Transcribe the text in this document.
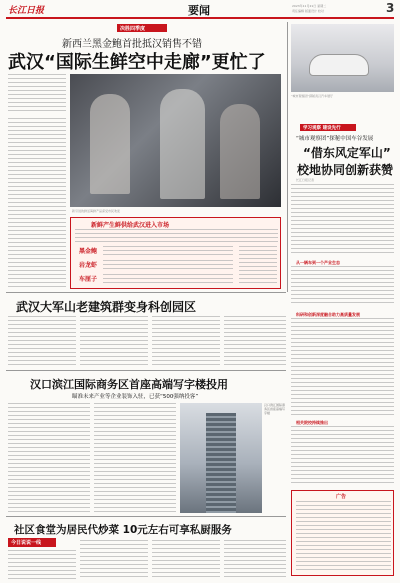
长江日报	要闻	2023年11月21日 星期二
责任编辑 版面设计 校对	3
决胜四季度
新西兰黑金鲍首批抵汉销售不错
武汉“国际生鲜空中走廊”更忙了
新引进的鲜活海鲜产品深受市民欢迎
新鲜产生鲜供给武汉进入市场
黑金鲍
岩龙虾
车厘子
“城市观察团”探秘武汉汽车展厅
学习观察 建设先行
“城市观察团”探秘中国车谷发展
“借东风定军山”
校地协同创新获赞
长江日报记者
从一辆车到一个产业生态
武汉大军山老建筑群变身科创园区
科研和创新深度融合助力高质量发展
相关院校持续推出
广告
汉口滨江国际商务区首座高端写字楼投用
瞄准未来产业等企业装饰入驻，已获“500强纳投客”
汉口滨江国际商务区首座高端写字楼
社区食堂为居民代炒菜 10元左右可享私厨服务
今日说说一线
